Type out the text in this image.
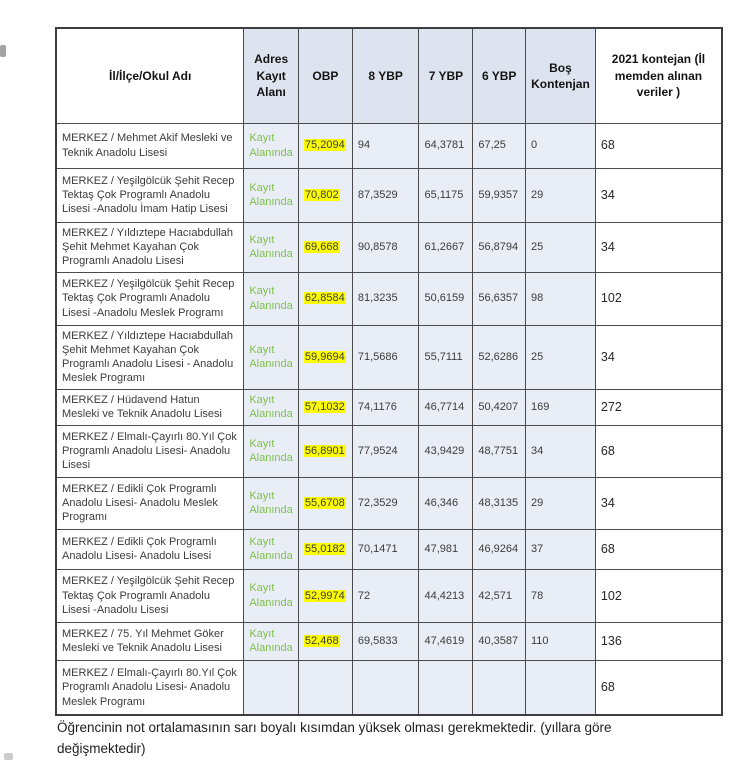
İl/İlçe/Okul Adı	Adres Kayıt Alanı	OBP	8 YBP	7 YBP	6 YBP	Boş Kontenjan	2021 kontejan (İl memden alınan veriler )
MERKEZ / Mehmet Akif Mesleki ve Teknik Anadolu Lisesi	Kayıt Alanında	75,2094	94	64,3781	67,25	0	68
MERKEZ / Yeşilgölcük Şehit Recep Tektaş Çok Programlı Anadolu Lisesi -Anadolu İmam Hatip Lisesi	Kayıt Alanında	70,802	87,3529	65,1175	59,9357	29	34
MERKEZ / Yıldıztepe Hacıabdullah Şehit Mehmet Kayahan Çok Programlı Anadolu Lisesi	Kayıt Alanında	69,668	90,8578	61,2667	56,8794	25	34
MERKEZ / Yeşilgölcük Şehit Recep Tektaş Çok Programlı Anadolu Lisesi -Anadolu Meslek Programı	Kayıt Alanında	62,8584	81,3235	50,6159	56,6357	98	102
MERKEZ / Yıldıztepe Hacıabdullah Şehit Mehmet Kayahan Çok Programlı Anadolu Lisesi - Anadolu Meslek Programı	Kayıt Alanında	59,9694	71,5686	55,7111	52,6286	25	34
MERKEZ / Hüdavend Hatun Mesleki ve Teknik Anadolu Lisesi	Kayıt Alanında	57,1032	74,1176	46,7714	50,4207	169	272
MERKEZ / Elmalı-Çayırlı 80.Yıl Çok Programlı Anadolu Lisesi- Anadolu Lisesi	Kayıt Alanında	56,8901	77,9524	43,9429	48,7751	34	68
MERKEZ / Edikli Çok Programlı Anadolu Lisesi- Anadolu Meslek Programı	Kayıt Alanında	55,6708	72,3529	46,346	48,3135	29	34
MERKEZ / Edikli Çok Programlı Anadolu Lisesi- Anadolu Lisesi	Kayıt Alanında	55,0182	70,1471	47,981	46,9264	37	68
MERKEZ / Yeşilgölcük Şehit Recep Tektaş Çok Programlı Anadolu Lisesi -Anadolu Lisesi	Kayıt Alanında	52,9974	72	44,4213	42,571	78	102
MERKEZ / 75. Yıl Mehmet Göker Mesleki ve Teknik Anadolu Lisesi	Kayıt Alanında	52,468	69,5833	47,4619	40,3587	110	136
MERKEZ / Elmalı-Çayırlı 80.Yıl Çok Programlı Anadolu Lisesi- Anadolu Meslek Programı							68
Öğrencinin not ortalamasının sarı boyalı kısımdan yüksek olması gerekmektedir. (yıllara göre değişmektedir)
